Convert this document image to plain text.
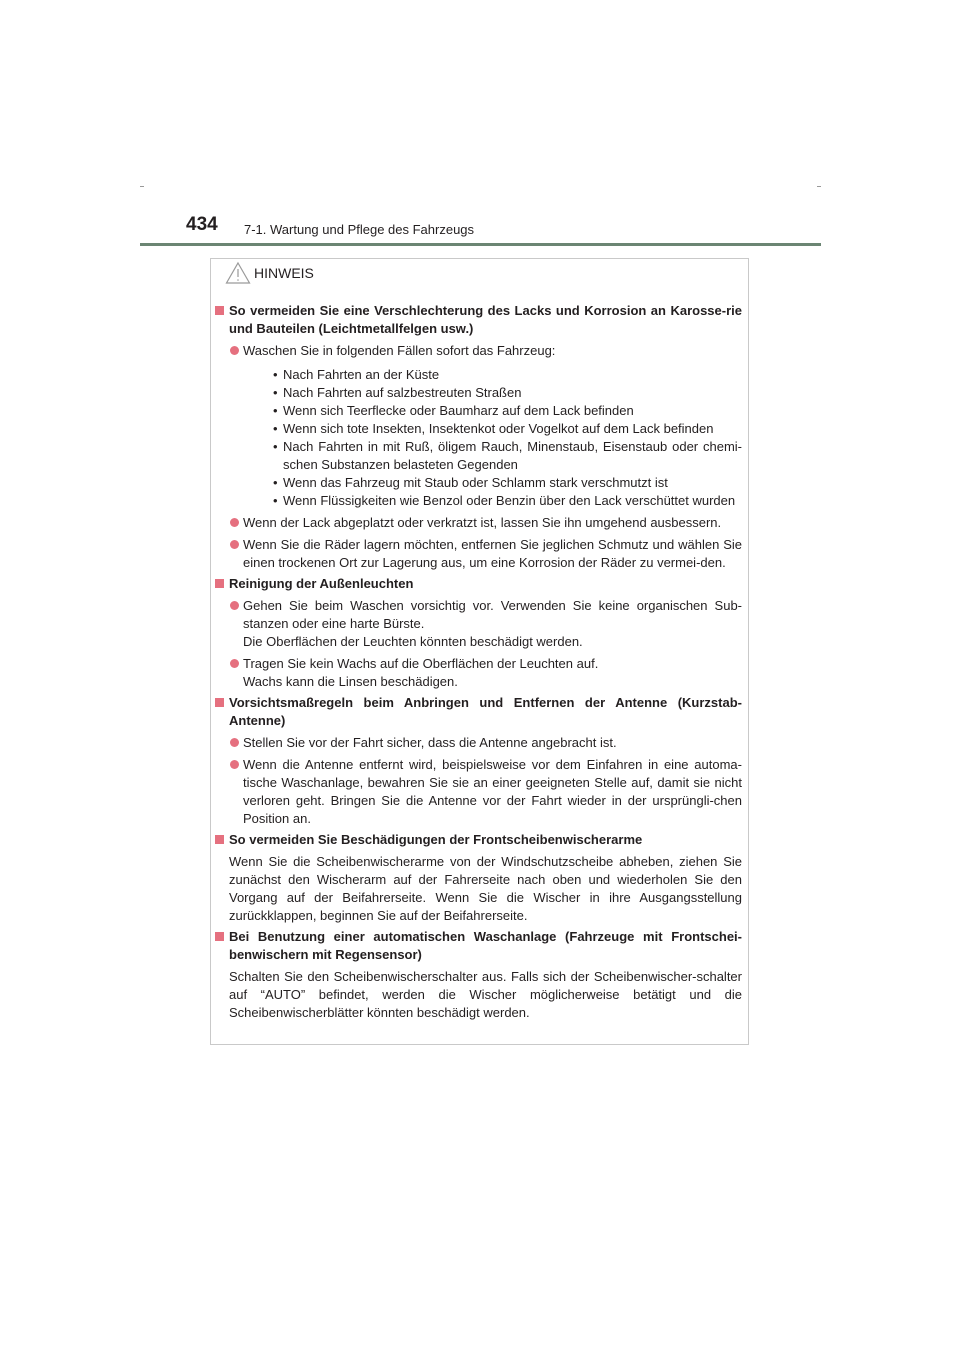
434 7-1. Wartung und Pflege des Fahrzeugs
HINWEIS
So vermeiden Sie eine Verschlechterung des Lacks und Korrosion an Karosse-rie und Bauteilen (Leichtmetallfelgen usw.)
Waschen Sie in folgenden Fällen sofort das Fahrzeug:
• Nach Fahrten an der Küste
• Nach Fahrten auf salzbestreuten Straßen
• Wenn sich Teerflecke oder Baumharz auf dem Lack befinden
• Wenn sich tote Insekten, Insektenkot oder Vogelkot auf dem Lack befinden
• Nach Fahrten in mit Ruß, öligem Rauch, Minenstaub, Eisenstaub oder chemi-schen Substanzen belasteten Gegenden
• Wenn das Fahrzeug mit Staub oder Schlamm stark verschmutzt ist
• Wenn Flüssigkeiten wie Benzol oder Benzin über den Lack verschüttet wurden
Wenn der Lack abgeplatzt oder verkratzt ist, lassen Sie ihn umgehend ausbessern.
Wenn Sie die Räder lagern möchten, entfernen Sie jeglichen Schmutz und wählen Sie einen trockenen Ort zur Lagerung aus, um eine Korrosion der Räder zu vermei-den.
Reinigung der Außenleuchten
Gehen Sie beim Waschen vorsichtig vor. Verwenden Sie keine organischen Sub-stanzen oder eine harte Bürste.
Die Oberflächen der Leuchten könnten beschädigt werden.
Tragen Sie kein Wachs auf die Oberflächen der Leuchten auf.
Wachs kann die Linsen beschädigen.
Vorsichtsmaßregeln beim Anbringen und Entfernen der Antenne (Kurzstab-Antenne)
Stellen Sie vor der Fahrt sicher, dass die Antenne angebracht ist.
Wenn die Antenne entfernt wird, beispielsweise vor dem Einfahren in eine automa-tische Waschanlage, bewahren Sie sie an einer geeigneten Stelle auf, damit sie nicht verloren geht. Bringen Sie die Antenne vor der Fahrt wieder in der ursprüngli-chen Position an.
So vermeiden Sie Beschädigungen der Frontscheibenwischerarme
Wenn Sie die Scheibenwischerarme von der Windschutzscheibe abheben, ziehen Sie zunächst den Wischerarm auf der Fahrerseite nach oben und wiederholen Sie den Vorgang auf der Beifahrerseite. Wenn Sie die Wischer in ihre Ausgangsstellung zurückklappen, beginnen Sie auf der Beifahrerseite.
Bei Benutzung einer automatischen Waschanlage (Fahrzeuge mit Frontschei-benwischern mit Regensensor)
Schalten Sie den Scheibenwischerschalter aus. Falls sich der Scheibenwischer-schalter auf “AUTO” befindet, werden die Wischer möglicherweise betätigt und die Scheibenwischerblätter könnten beschädigt werden.
